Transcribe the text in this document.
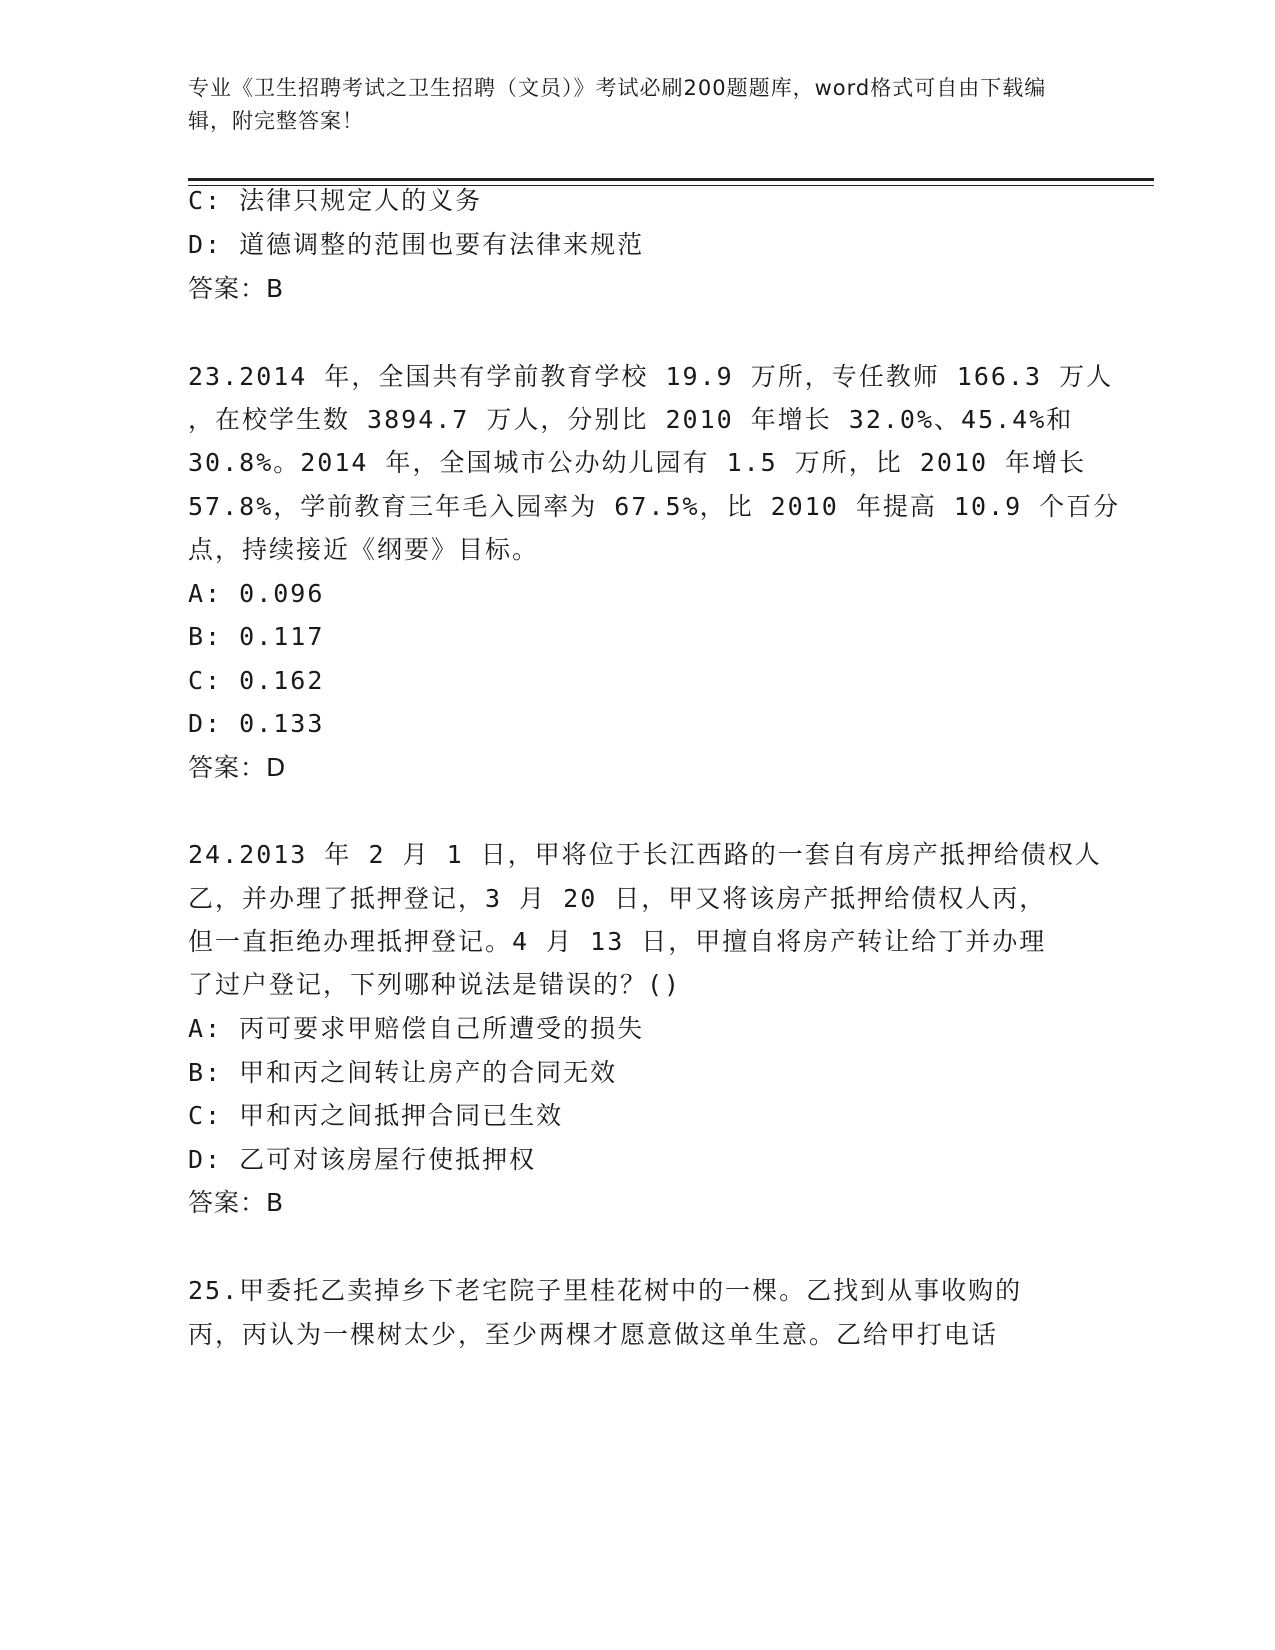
专业《卫生招聘考试之卫生招聘（文员）》考试必刷200题题库，word格式可自由下载编辑，附完整答案！
C: 法律只规定人的义务
D: 道德调整的范围也要有法律来规范
答案：B
23.2014 年，全国共有学前教育学校 19.9 万所，专任教师 166.3 万人
，在校学生数 3894.7 万人，分别比 2010 年增长 32.0%、45.4%和
30.8%。2014 年，全国城市公办幼儿园有 1.5 万所，比 2010 年增长
57.8%，学前教育三年毛入园率为 67.5%，比 2010 年提高 10.9 个百分
点，持续接近《纲要》目标。
A: 0.096
B: 0.117
C: 0.162
D: 0.133
答案：D
24.2013 年 2 月 1 日，甲将位于长江西路的一套自有房产抵押给债权人
乙，并办理了抵押登记，3 月 20 日，甲又将该房产抵押给债权人丙，
但一直拒绝办理抵押登记。4 月 13 日，甲擅自将房产转让给丁并办理
了过户登记，下列哪种说法是错误的？()
A: 丙可要求甲赔偿自己所遭受的损失
B: 甲和丙之间转让房产的合同无效
C: 甲和丙之间抵押合同已生效
D: 乙可对该房屋行使抵押权
答案：B
25.甲委托乙卖掉乡下老宅院子里桂花树中的一棵。乙找到从事收购的
丙，丙认为一棵树太少，至少两棵才愿意做这单生意。乙给甲打电话
